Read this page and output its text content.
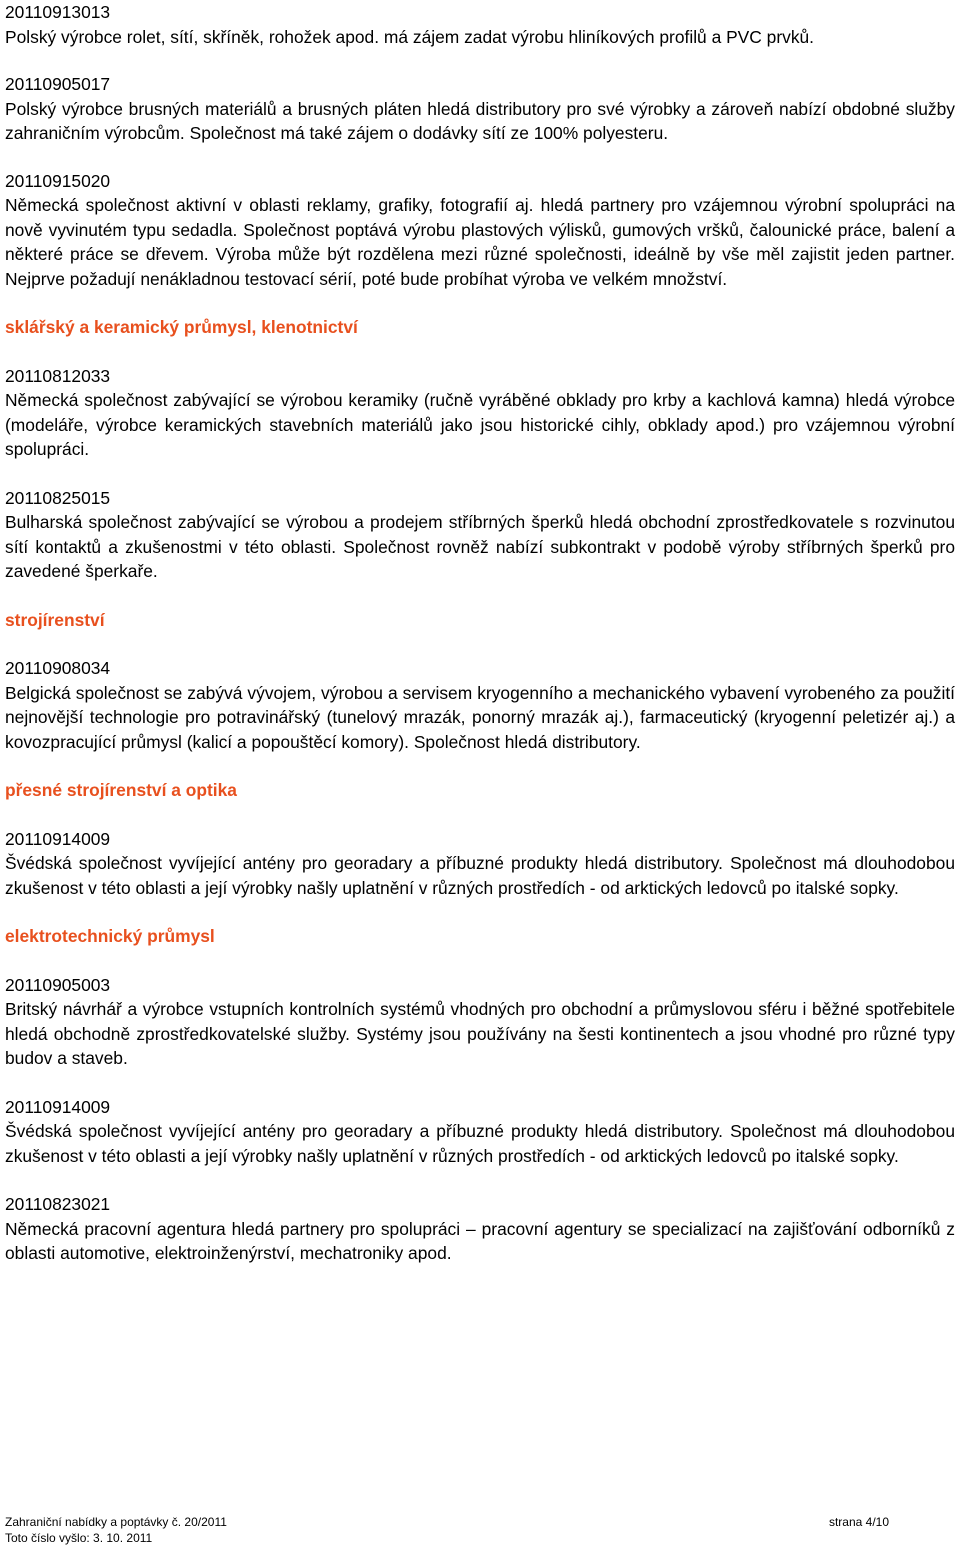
20110913013
Polský výrobce rolet, sítí, skříněk, rohožek apod. má zájem zadat výrobu hliníkových profilů a PVC prvků.
20110905017
Polský výrobce brusných materiálů a brusných pláten hledá distributory pro své výrobky a zároveň nabízí obdobné služby zahraničním výrobcům. Společnost má také zájem o dodávky sítí ze 100% polyesteru.
20110915020
Německá společnost aktivní v oblasti reklamy, grafiky, fotografií aj. hledá partnery pro vzájemnou výrobní spolupráci na nově vyvinutém typu sedadla. Společnost poptává výrobu plastových výlisků, gumových vršků, čalounické práce, balení a některé práce se dřevem. Výroba může být rozdělena mezi různé společnosti, ideálně by vše měl zajistit jeden partner. Nejprve požadují nenákladnou testovací sérií, poté bude probíhat výroba ve velkém množství.
sklářský a keramický průmysl, klenotnictví
20110812033
Německá společnost zabývající se výrobou keramiky (ručně vyráběné obklady pro krby a kachlová kamna) hledá výrobce (modeláře, výrobce keramických stavebních materiálů jako jsou historické cihly, obklady apod.) pro vzájemnou výrobní spolupráci.
20110825015
Bulharská společnost zabývající se výrobou a prodejem stříbrných šperků hledá obchodní zprostředkovatele s rozvinutou sítí kontaktů a zkušenostmi v této oblasti. Společnost rovněž nabízí subkontrakt v podobě výroby stříbrných šperků pro zavedené šperkaře.
strojírenství
20110908034
Belgická společnost se zabývá vývojem, výrobou a servisem kryogenního a mechanického vybavení vyrobeného za použití nejnovější technologie pro potravinářský (tunelový mrazák, ponorný mrazák aj.), farmaceutický (kryogenní peletizér aj.) a kovozpracující průmysl (kalicí a popouštěcí komory). Společnost hledá distributory.
přesné strojírenství a optika
20110914009
Švédská společnost vyvíjející antény pro georadary a příbuzné produkty hledá distributory. Společnost má dlouhodobou zkušenost v této oblasti a její výrobky našly uplatnění v různých prostředích - od arktických ledovců po italské sopky.
elektrotechnický průmysl
20110905003
Britský návrhář a výrobce vstupních kontrolních systémů vhodných pro obchodní a průmyslovou sféru i běžné spotřebitele hledá obchodně zprostředkovatelské služby. Systémy jsou používány na šesti kontinentech a jsou vhodné pro různé typy budov a staveb.
20110914009
Švédská společnost vyvíjející antény pro georadary a příbuzné produkty hledá distributory. Společnost má dlouhodobou zkušenost v této oblasti a její výrobky našly uplatnění v různých prostředích - od arktických ledovců po italské sopky.
20110823021
Německá pracovní agentura hledá partnery pro spolupráci – pracovní agentury se specializací na zajišťování odborníků z oblasti automotive, elektroinženýrství, mechatroniky apod.
Zahraniční nabídky a poptávky č. 20/2011	strana 4/10
Toto číslo vyšlo: 3. 10. 2011
